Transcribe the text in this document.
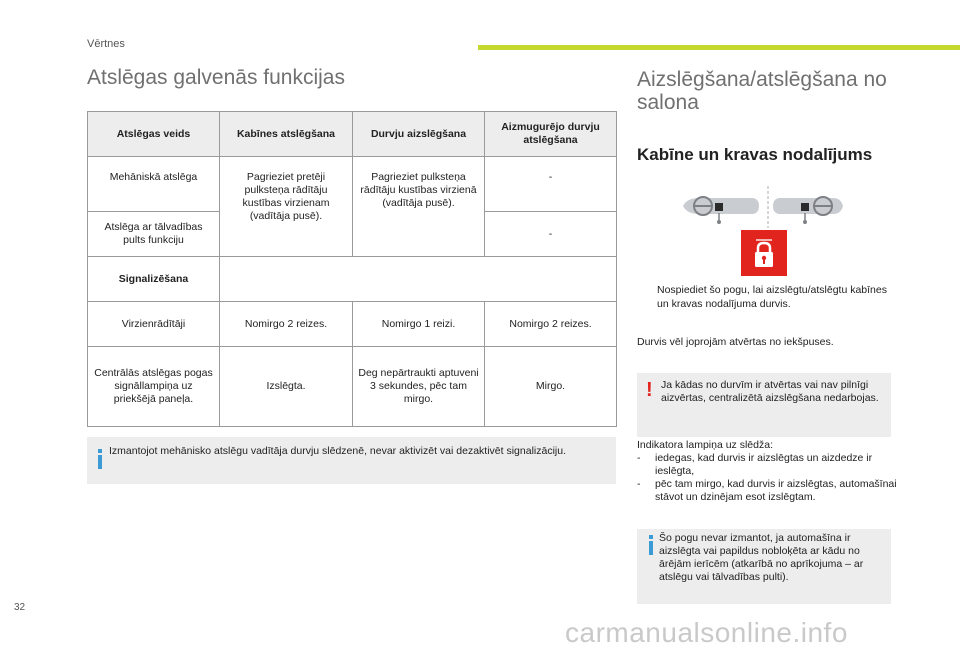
Vērtnes
Atslēgas galvenās funkcijas
Atslēgas veids	Kabīnes atslēgšana	Durvju aizslēgšana	Aizmugurējo durvju atslēgšana
Mehāniskā atslēga	Pagrieziet pretēji pulksteņa rādītāju kustības virzienam (vadītāja pusē).	Pagrieziet pulksteņa rādītāju kustības virzienā (vadītāja pusē).	-
Atslēga ar tālvadības pults funkciju			-
Signalizēšana			
Virzienrādītāji	Nomirgo 2 reizes.	Nomirgo 1 reizi.	Nomirgo 2 reizes.
Centrālās atslēgas pogas signāllampiņa uz priekšējā paneļa.	Izslēgta.	Deg nepārtraukti aptuveni 3 sekundes, pēc tam mirgo.	Mirgo.
Izmantojot mehānisko atslēgu vadītāja durvju slēdzenē, nevar aktivizēt vai dezaktivēt signalizāciju.
Aizslēgšana/atslēgšana no salona
Kabīne un kravas nodalījums
Nospiediet šo pogu, lai aizslēgtu/atslēgtu kabīnes un kravas nodalījuma durvis.
Durvis vēl joprojām atvērtas no iekšpuses.
! Ja kādas no durvīm ir atvērtas vai nav pilnīgi aizvērtas, centralizētā aizslēgšana nedarbojas.
Indikatora lampiņa uz slēdža:
- iedegas, kad durvis ir aizslēgtas un aizdedze ir ieslēgta,
- pēc tam mirgo, kad durvis ir aizslēgtas, automašīnai stāvot un dzinējam esot izslēgtam.
Šo pogu nevar izmantot, ja automašīna ir aizslēgta vai papildus nobloķēta ar kādu no ārējām ierīcēm (atkarībā no aprīkojuma – ar atslēgu vai tālvadības pulti).
32
carmanualsonline.info
